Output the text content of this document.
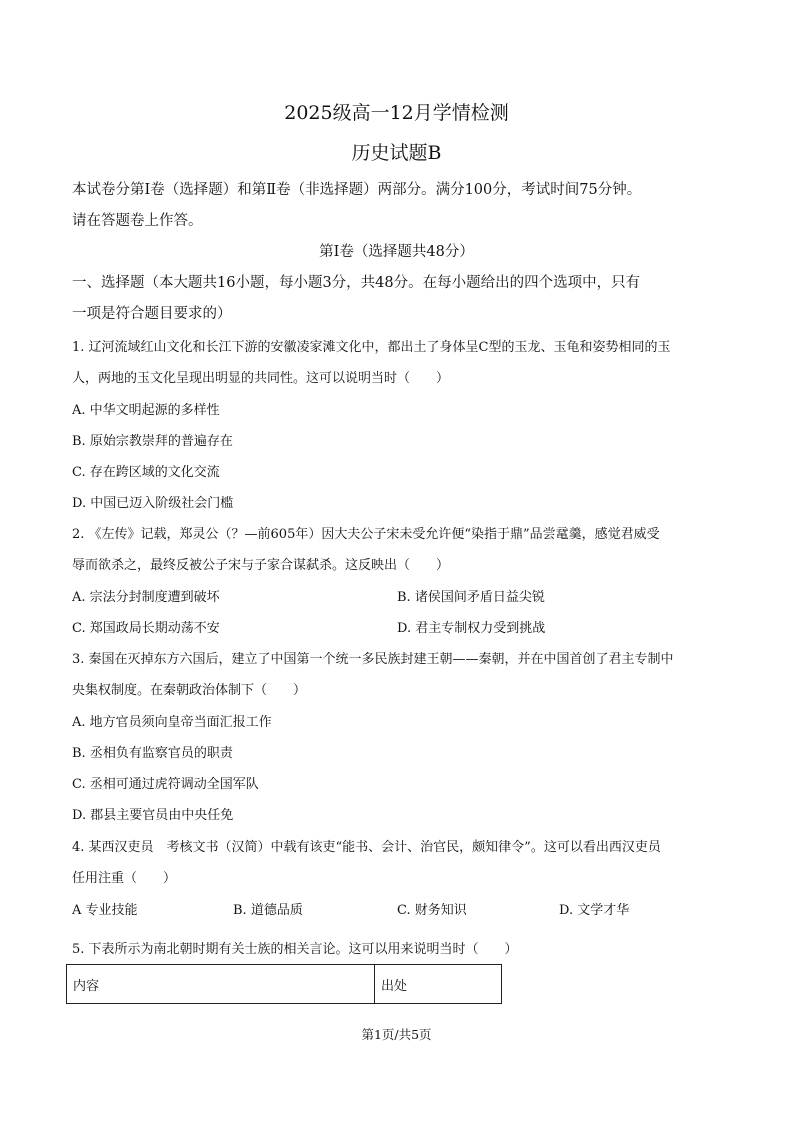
2025级高一12月学情检测
历史试题B
本试卷分第Ⅰ卷（选择题）和第Ⅱ卷（非选择题）两部分。满分100分，考试时间75分钟。
请在答题卷上作答。
第Ⅰ卷（选择题共48分）
一、选择题（本大题共16小题，每小题3分，共48分。在每小题给出的四个选项中，只有
一项是符合题目要求的）
1. 辽河流域红山文化和长江下游的安徽凌家滩文化中，都出土了身体呈C型的玉龙、玉龟和姿势相同的玉
人，两地的玉文化呈现出明显的共同性。这可以说明当时（　　）
A. 中华文明起源的多样性
B. 原始宗教崇拜的普遍存在
C. 存在跨区域的文化交流
D. 中国已迈入阶级社会门槛
2. 《左传》记载，郑灵公（？—前605年）因大夫公子宋未受允许便“染指于鼎”品尝鼋羹，感觉君威受
辱而欲杀之，最终反被公子宋与子家合谋弑杀。这反映出（　　）
A. 宗法分封制度遭到破坏	B. 诸侯国间矛盾日益尖锐
C. 郑国政局长期动荡不安	D. 君主专制权力受到挑战
3. 秦国在灭掉东方六国后，建立了中国第一个统一多民族封建王朝——秦朝，并在中国首创了君主专制中
央集权制度。在秦朝政治体制下（　　）
A. 地方官员须向皇帝当面汇报工作
B. 丞相负有监察官员的职责
C. 丞相可通过虎符调动全国军队
D. 郡县主要官员由中央任免
4. 某西汉吏员　考核文书（汉简）中载有该吏“能书、会计、治官民，颇知律令”。这可以看出西汉吏员
任用注重（　　）
A 专业技能	B. 道德品质	C. 财务知识	D. 文学才华
5. 下表所示为南北朝时期有关士族的相关言论。这可以用来说明当时（　　）
内容	出处
第1页/共5页
